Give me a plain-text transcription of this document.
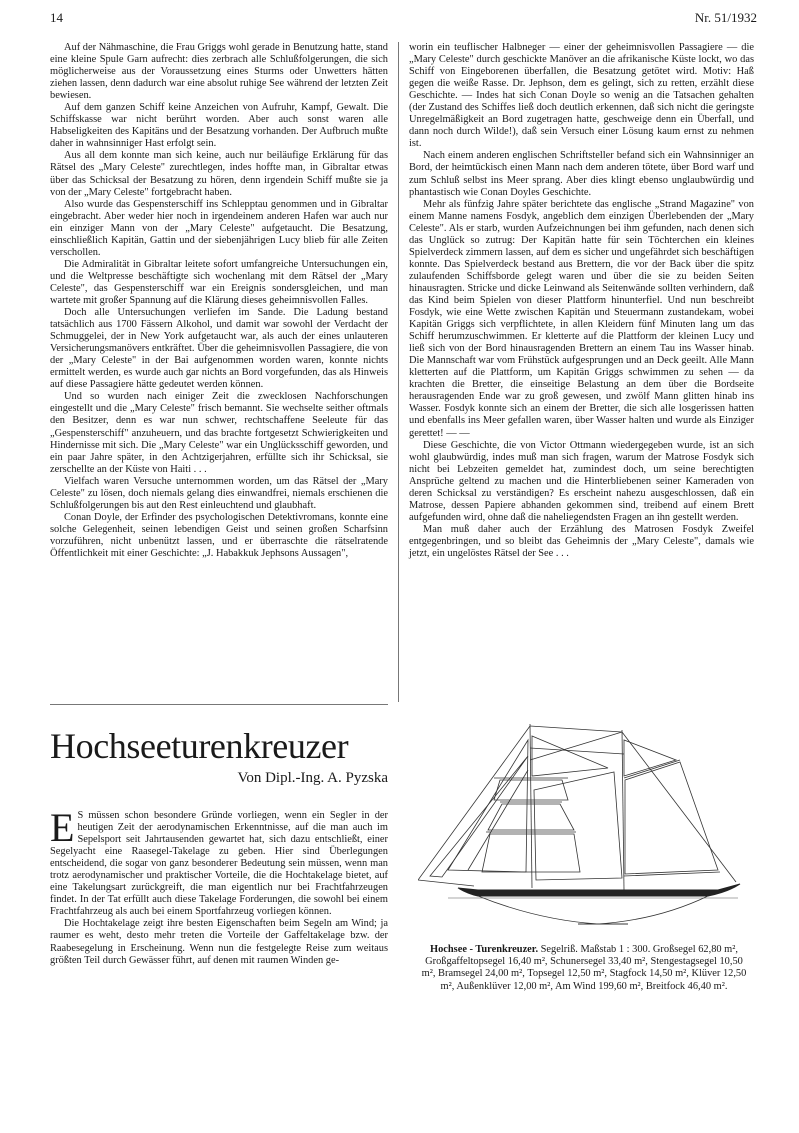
14	Nr. 51/1932

Auf der Nähmaschine, die Frau Griggs wohl gerade in Benutzung hatte, stand eine kleine Spule Garn aufrecht: dies zerbrach alle Schlußfolgerungen, die sich möglicherweise aus der Voraussetzung eines Sturms oder Unwetters hätten ziehen lassen, denn dadurch war eine absolut ruhige See während der letzten Zeit bewiesen.

Auf dem ganzen Schiff keine Anzeichen von Aufruhr, Kampf, Gewalt. Die Schiffskasse war nicht berührt worden. Aber auch sonst waren alle Habseligkeiten des Kapitäns und der Besatzung vorhanden. Der Aufbruch mußte daher in wahnsinniger Hast erfolgt sein.

Aus all dem konnte man sich keine, auch nur beiläufige Erklärung für das Rätsel des „Mary Celeste" zurechtlegen, indes hoffte man, in Gibraltar etwas über das Schicksal der Besatzung zu hören, denn irgendein Schiff mußte sie ja von der „Mary Celeste" fortgebracht haben.

Also wurde das Gespensterschiff ins Schlepptau genommen und in Gibraltar eingebracht. Aber weder hier noch in irgendeinem anderen Hafen war auch nur ein einziger Mann von der „Mary Celeste" aufgetaucht. Die Besatzung, einschließlich Kapitän, Gattin und der siebenjährigen Lucy blieb für alle Zeiten verschollen.

Die Admiralität in Gibraltar leitete sofort umfangreiche Untersuchungen ein, und die Weltpresse beschäftigte sich wochenlang mit dem Rätsel der „Mary Celeste", das Gespensterschiff war ein Ereignis sondersgleichen, und man wartete mit großer Spannung auf die Klärung dieses geheimnisvollen Falles.

Doch alle Untersuchungen verliefen im Sande. Die Ladung bestand tatsächlich aus 1700 Fässern Alkohol, und damit war sowohl der Verdacht der Schmuggelei, der in New York aufgetaucht war, als auch der eines unlauteren Versicherungsmanövers entkräftet. Über die geheimnisvollen Passagiere, die von der „Mary Celeste" in der Bai aufgenommen worden waren, konnte nichts ermittelt werden, es wurde auch gar nichts an Bord vorgefunden, das als Hinweis auf diese Passagiere hätte gedeutet werden können.

Und so wurden nach einiger Zeit die zwecklosen Nachforschungen eingestellt und die „Mary Celeste" frisch bemannt. Sie wechselte seither oftmals den Besitzer, denn es war nun schwer, rechtschaffene Seeleute für das „Gespensterschiff" anzuheuern, und das brachte fortgesetzt Schwierigkeiten und Hindernisse mit sich. Die „Mary Celeste" war ein Unglücksschiff geworden, und ein paar Jahre später, in den Achtzigerjahren, erfüllte sich ihr Schicksal, sie zerschellte an der Küste von Haiti . . .

Vielfach waren Versuche unternommen worden, um das Rätsel der „Mary Celeste" zu lösen, doch niemals gelang dies einwandfrei, niemals erschienen die Schlußfolgerungen bis aut den Rest einleuchtend und glaubhaft.

Conan Doyle, der Erfinder des psychologischen Detektivromans, konnte eine solche Gelegenheit, seinen lebendigen Geist und seinen großen Scharfsinn vorzuführen, nicht unbenützt lassen, und er überraschte die rätselratende Öffentlichkeit mit einer Geschichte: „J. Habakkuk Jephsons Aussagen",

worin ein teuflischer Halbneger — einer der geheimnisvollen Passagiere — die „Mary Celeste" durch geschickte Manöver an die afrikanische Küste lockt, wo das Schiff von Eingeborenen überfallen, die Besatzung getötet wird. Motiv: Haß gegen die weiße Rasse. Dr. Jephson, dem es gelingt, sich zu retten, erzählt diese Geschichte. — Indes hat sich Conan Doyle so wenig an die Tatsachen gehalten (der Zustand des Schiffes ließ doch deutlich erkennen, daß sich nicht die geringste Unregelmäßigkeit an Bord zugetragen hatte, geschweige denn ein Überfall, und dann noch durch Wilde!), daß sein Versuch einer Lösung kaum ernst zu nehmen ist.

Nach einem anderen englischen Schriftsteller befand sich ein Wahnsinniger an Bord, der heimtückisch einen Mann nach dem anderen tötete, über Bord warf und zum Schluß selbst ins Meer sprang. Aber dies klingt ebenso unglaubwürdig und phantastisch wie Conan Doyles Geschichte.

Mehr als fünfzig Jahre später berichtete das englische „Strand Magazine" von einem Manne namens Fosdyk, angeblich dem einzigen Überlebenden der „Mary Celeste". Als er starb, wurden Aufzeichnungen bei ihm gefunden, nach denen sich das Unglück so zutrug: Der Kapitän hatte für sein Töchterchen ein kleines Spielverdeck zimmern lassen, auf dem es sicher und ungefährdet sich beschäftigen konnte. Das Spielverdeck bestand aus Brettern, die vor der Back über die spitz zulaufenden Schiffsborde gelegt waren und über die sie zu beiden Seiten hinausragten. Stricke und dicke Leinwand als Seitenwände sollten verhindern, daß das Kind beim Spielen von dieser Plattform hinunterfiel. Und nun beschreibt Fosdyk, wie eine Wette zwischen Kapitän und Steuermann zustandekam, wobei Kapitän Griggs sich verpflichtete, in allen Kleidern fünf Minuten lang um das Schiff herumzuschwimmen. Er kletterte auf die Plattform der kleinen Lucy und ließ sich von der Bord hinausragenden Brettern an einem Tau ins Wasser hinab. Die Mannschaft war vom Frühstück aufgesprungen und an Deck geeilt. Alle Mann kletterten auf die Plattform, um Kapitän Griggs schwimmen zu sehen — da krachten die Bretter, die einseitige Belastung an dem über die Bordseite herausragenden Ende war zu groß gewesen, und zwölf Mann glitten hinab ins Wasser. Fosdyk konnte sich an einem der Bretter, die sich alle losgerissen hatten und ebenfalls ins Meer gefallen waren, über Wasser halten und wurde als Einziger gerettet! — —

Diese Geschichte, die von Victor Ottmann wiedergegeben wurde, ist an sich wohl glaubwürdig, indes muß man sich fragen, warum der Matrose Fosdyk sich nicht bei Lebzeiten gemeldet hat, zumindest doch, um seine berechtigten Ansprüche geltend zu machen und die Hinterbliebenen seiner Kameraden von deren Schicksal zu verständigen? Es erscheint nahezu ausgeschlossen, daß ein Matrose, dessen Papiere abhanden gekommen sind, treibend auf einem Brett aufgefunden wird, ohne daß die naheliegendsten Fragen an ihn gestellt werden.

Man muß daher auch der Erzählung des Matrosen Fosdyk Zweifel entgegenbringen, und so bleibt das Geheimnis der „Mary Celeste", damals wie jetzt, ein ungelöstes Rätsel der See . . .

Hochseeturenkreuzer
Von Dipl.-Ing. A. Pyzska

E S müssen schon besondere Gründe vorliegen, wenn ein Segler in der heutigen Zeit der aerodynamischen Erkenntnisse, auf die man auch im Sepelsport seit Jahrtausenden gewartet hat, sich dazu entschließt, einer Segelyacht eine Raasegel-Takelage zu geben. Hier sind Überlegungen entscheidend, die sogar von ganz besonderer Bedeutung sein müssen, wenn man trotz aerodynamischer und praktischer Vorteile, die die Hochtakelage bietet, auf eine Takelungsart zurückgreift, die man eigentlich nur bei Frachtfahrzeugen findet. In der Tat erfüllt auch diese Takelage Forderungen, die sowohl bei einem Frachtfahrzeug als auch bei einem Sportfahrzeug vorliegen können.

Die Hochtakelage zeigt ihre besten Eigenschaften beim Segeln am Wind; ja raumer es weht, desto mehr treten die Vorteile der Gaffeltakelage bzw. der Raabesegelung in Erscheinung. Wenn nun die festgelegte Reise zum weitaus größten Teil durch Gewässer führt, auf denen mit raumen Winden ge-

Hochsee - Turenkreuzer. Segelriß. Maßstab 1 : 300. Großsegel 62,80 m², Großgaffeltopsegel 16,40 m², Schunersegel 33,40 m², Stengestagsegel 10,50 m², Bramsegel 24,00 m², Topsegel 12,50 m², Stagfock 14,50 m², Klüver 12,50 m², Außenklüver 12,00 m², Am Wind 199,60 m², Breitfock 46,40 m².
